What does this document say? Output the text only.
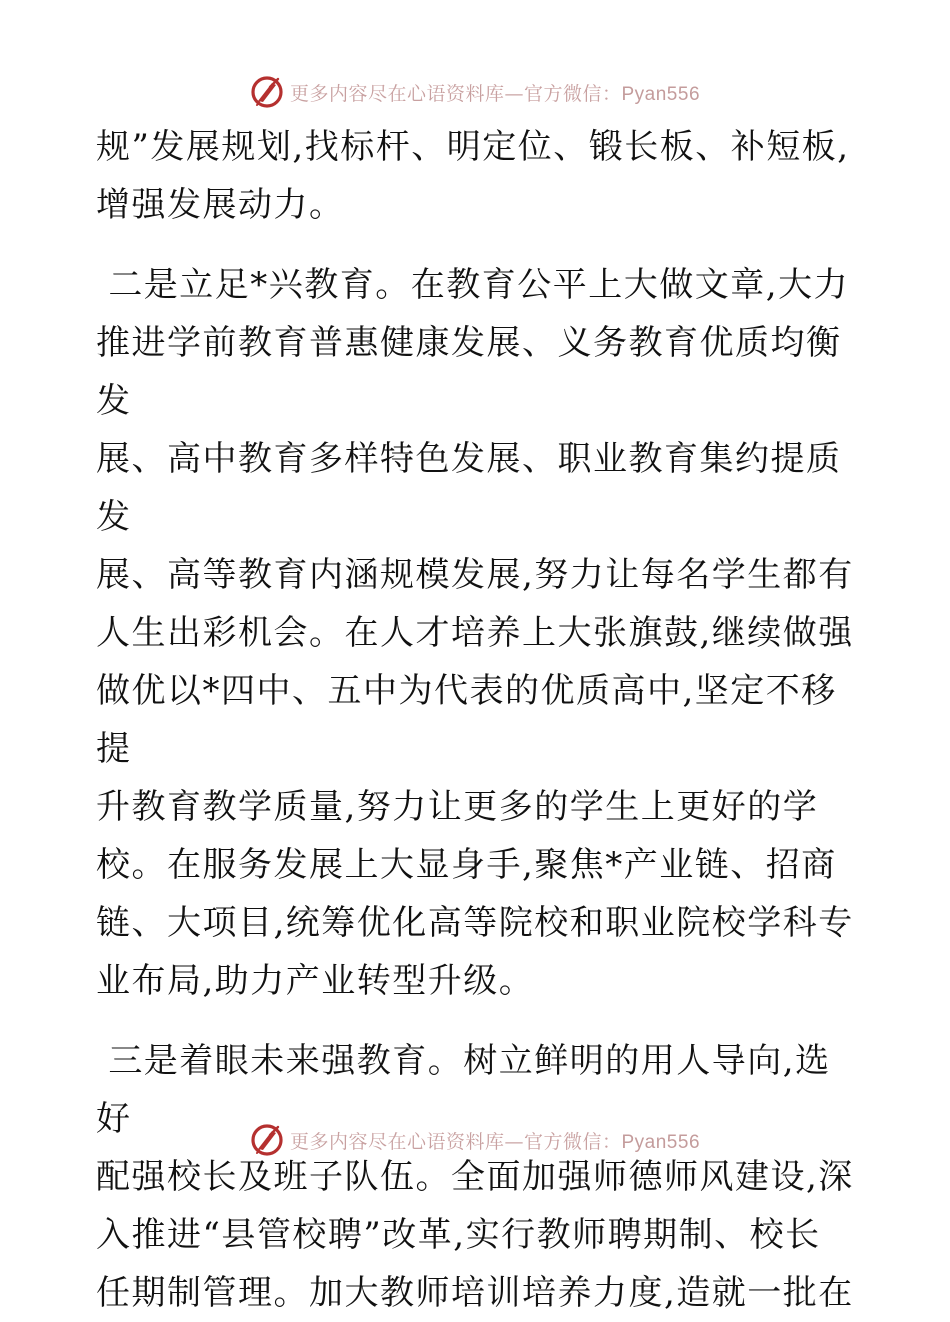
更多内容尽在心语资料库—官方微信：Pyan556

规”发展规划,找标杆、明定位、锻长板、补短板,
增强发展动力。

二是立足*兴教育。在教育公平上大做文章,大力
推进学前教育普惠健康发展、义务教育优质均衡发
展、高中教育多样特色发展、职业教育集约提质发
展、高等教育内涵规模发展,努力让每名学生都有
人生出彩机会。在人才培养上大张旗鼓,继续做强
做优以*四中、五中为代表的优质高中,坚定不移提
升教育教学质量,努力让更多的学生上更好的学
校。在服务发展上大显身手,聚焦*产业链、招商
链、大项目,统筹优化高等院校和职业院校学科专
业布局,助力产业转型升级。

三是着眼未来强教育。树立鲜明的用人导向,选好
配强校长及班子队伍。全面加强师德师风建设,深
入推进“县管校聘”改革,实行教师聘期制、校长
任期制管理。加大教师培训培养力度,造就一批在

更多内容尽在心语资料库—官方微信：Pyan556
